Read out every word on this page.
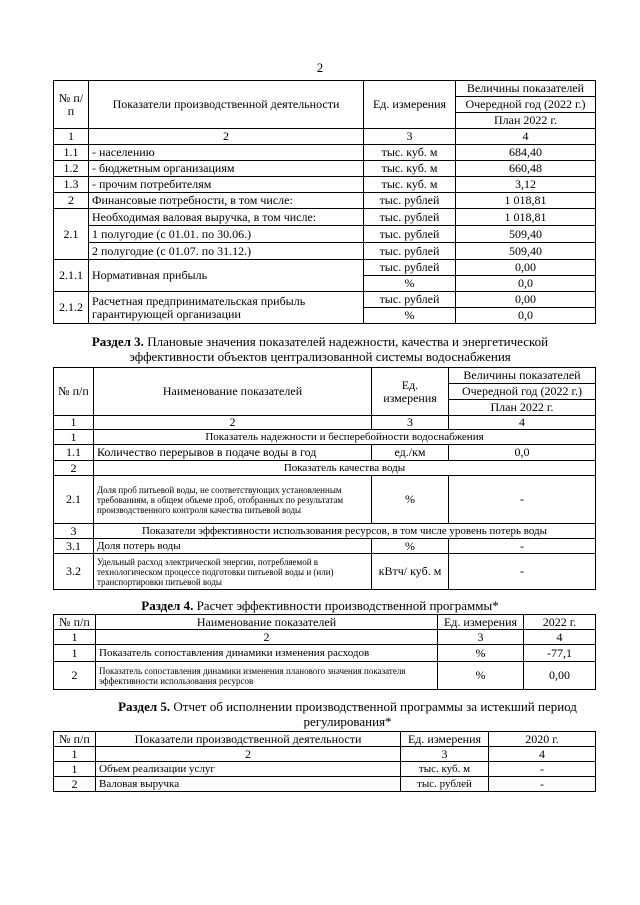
2
№ п/п	Показатели производственной деятельности	Ед. измерения	Величины показателей
			Очередной год (2022 г.)
			План 2022 г.
1	2	3	4
1.1	- населению	тыс. куб. м	684,40
1.2	- бюджетным организациям	тыс. куб. м	660,48
1.3	- прочим потребителям	тыс. куб. м	3,12
2	Финансовые потребности, в том числе:	тыс. рублей	1 018,81
2.1	Необходимая валовая выручка, в том числе:	тыс. рублей	1 018,81
	1 полугодие (с 01.01. по 30.06.)	тыс. рублей	509,40
	2 полугодие (с 01.07. по 31.12.)	тыс. рублей	509,40
2.1.1	Нормативная прибыль	тыс. рублей	0,00
		%	0,0
2.1.2	Расчетная предпринимательская прибыль гарантирующей организации	тыс. рублей	0,00
		%	0,0
Раздел 3. Плановые значения показателей надежности, качества и энергетической эффективности объектов централизованной системы водоснабжения
№ п/п	Наименование показателей	Ед. измерения	Величины показателей
			Очередной год (2022 г.)
			План 2022 г.
1	2	3	4
1	Показатель надежности и бесперебойности водоснабжения		
1.1	Количество перерывов в подаче воды в год	ед./км	0,0
2	Показатель качества воды		
2.1	Доля проб питьевой воды, не соответствующих установленным требованиям, в общем объеме проб, отобранных по результатам производственного контроля качества питьевой воды	%	-
3	Показатели эффективности использования ресурсов, в том числе уровень потерь воды		
3.1	Доля потерь воды	%	-
3.2	Удельный расход электрической энергии, потребляемой в технологическом процессе подготовки питьевой воды и (или) транспортировки питьевой воды	кВтч/ куб. м	-
Раздел 4. Расчет эффективности производственной программы*
№ п/п	Наименование показателей	Ед. измерения	2022 г.
1	2	3	4
1	Показатель сопоставления динамики изменения расходов	%	-77,1
2	Показатель сопоставления динамики изменения планового значения показателя эффективности использования ресурсов	%	0,00
Раздел 5. Отчет об исполнении производственной программы за истекший период регулирования*
№ п/п	Показатели производственной деятельности	Ед. измерения	2020 г.
1	2	3	4
1	Объем реализации услуг	тыс. куб. м	-
2	Валовая выручка	тыс. рублей	-
